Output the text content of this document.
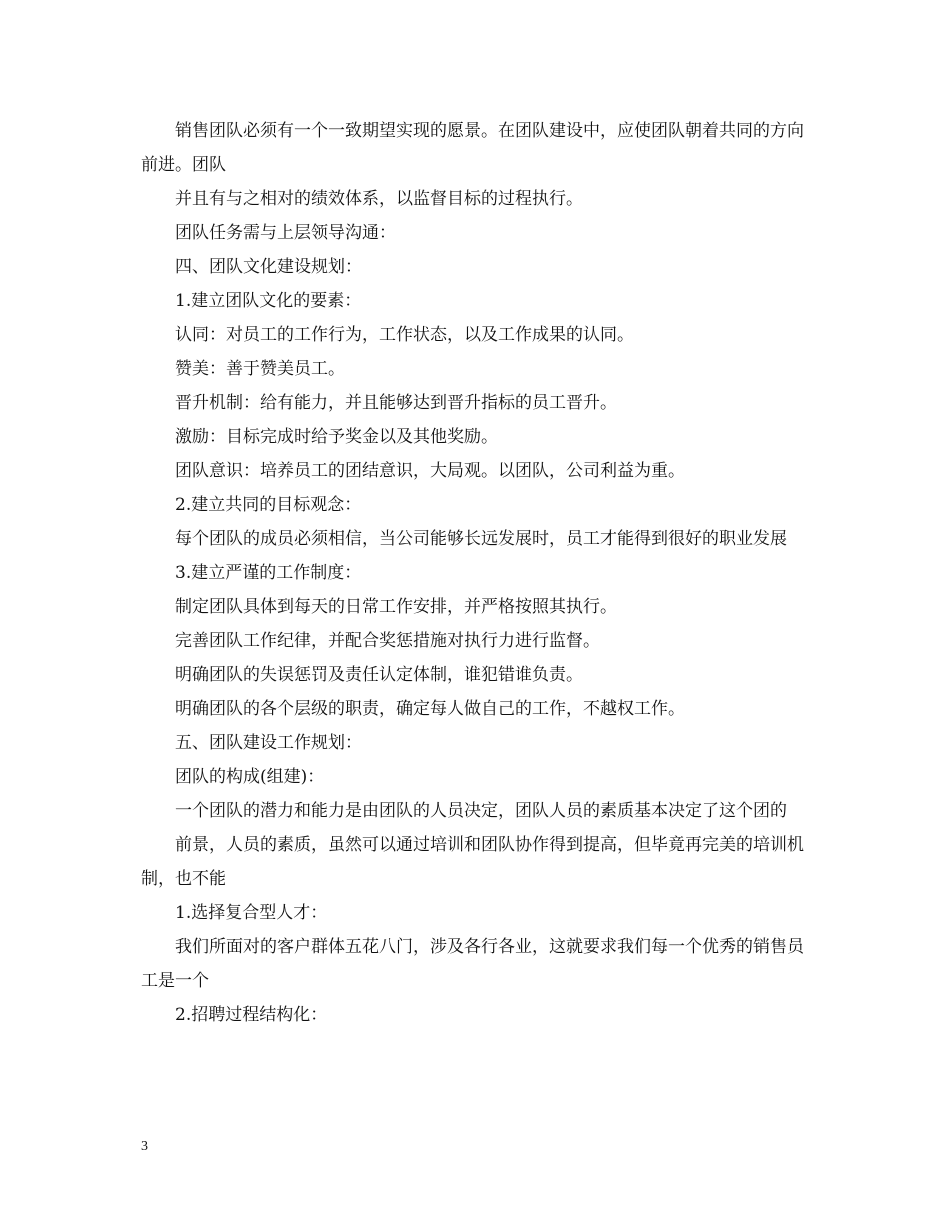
销售团队必须有一个一致期望实现的愿景。在团队建设中，应使团队朝着共同的方向前进。团队

并且有与之相对的绩效体系，以监督目标的过程执行。

团队任务需与上层领导沟通：

四、团队文化建设规划：

1.建立团队文化的要素：

认同：对员工的工作行为，工作状态，以及工作成果的认同。

赞美：善于赞美员工。

晋升机制：给有能力，并且能够达到晋升指标的员工晋升。

激励：目标完成时给予奖金以及其他奖励。

团队意识：培养员工的团结意识，大局观。以团队，公司利益为重。

2.建立共同的目标观念：

每个团队的成员必须相信，当公司能够长远发展时，员工才能得到很好的职业发展

3.建立严谨的工作制度：

制定团队具体到每天的日常工作安排，并严格按照其执行。

完善团队工作纪律，并配合奖惩措施对执行力进行监督。

明确团队的失误惩罚及责任认定体制，谁犯错谁负责。

明确团队的各个层级的职责，确定每人做自己的工作，不越权工作。

五、团队建设工作规划：

团队的构成(组建)：

一个团队的潜力和能力是由团队的人员决定，团队人员的素质基本决定了这个团的

前景，人员的素质，虽然可以通过培训和团队协作得到提高，但毕竟再完美的培训机制，也不能

1.选择复合型人才：

我们所面对的客户群体五花八门，涉及各行各业，这就要求我们每一个优秀的销售员工是一个

2.招聘过程结构化：

3
